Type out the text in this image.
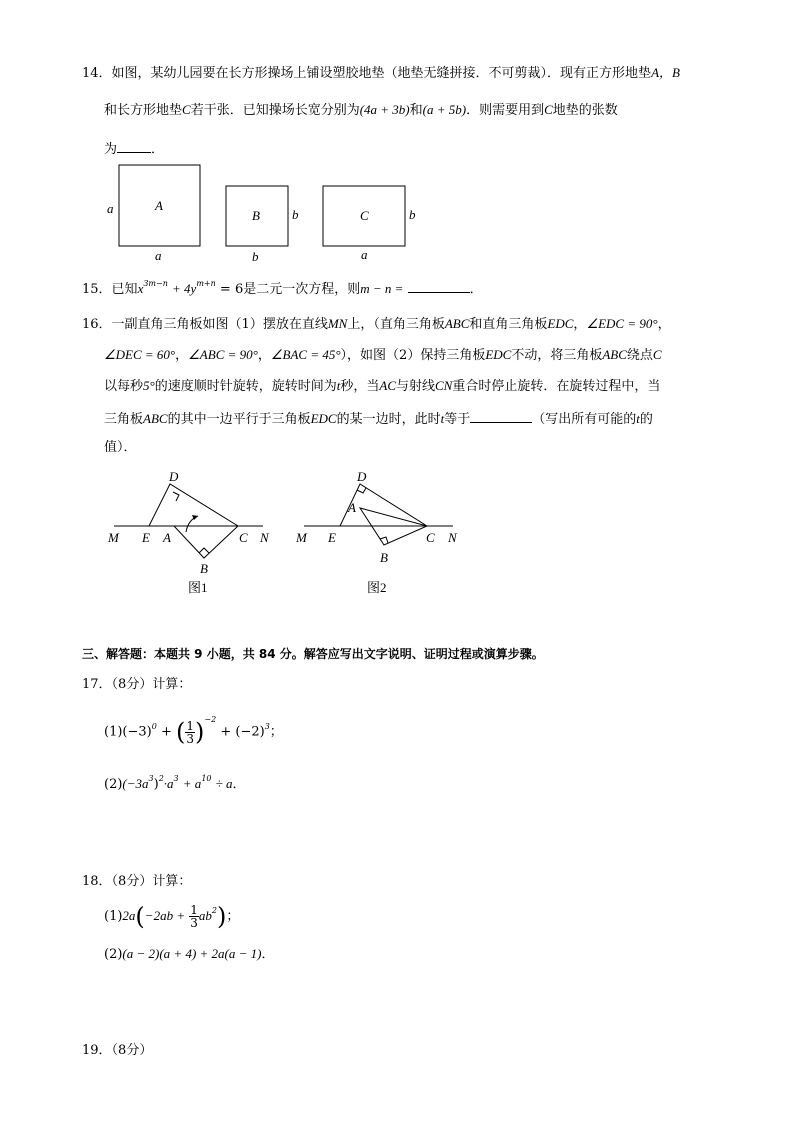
14．如图，某幼儿园要在长方形操场上铺设塑胶地垫（地垫无缝拼接．不可剪裁）．现有正方形地垫A，B
和长方形地垫C若干张．已知操场长宽分别为(4a + 3b)和(a + 5b)．则需要用到C地垫的张数
为	．
a	A
a
B b
b
C	b
a
15．已知$x^{3m-n} + 4y^{m+n} = 6$是二元一次方程，则m − n =	．
16．一副直角三角板如图（1）摆放在直线MN上，（直角三角板ABC和直角三角板EDC，∠EDC = 90°，
∠DEC = 60°，∠ABC = 90°，∠BAC = 45°），如图（2）保持三角板EDC不动，将三角板ABC绕点C
以每秒5°的速度顺时针旋转，旋转时间为t秒，当AC与射线CN重合时停止旋转．在旋转过程中，当
三角板ABC的其中一边平行于三角板EDC的某一边时，此时t等于	（写出所有可能的t的
值）．
M E A	C N
D
B
图1
M E
A
C N
D
B
图2
三、解答题：本题共 9 小题，共 84 分。解答应写出文字说明、证明过程或演算步骤。
17．（8分）计算：
$(1)(-3)^0$ + ( $\frac{1}{3} )^{-2} + (-2)^3$；
$(2)(-3a^3)^2\cdot a^3 + a^{10} \div a$．
18．（8分）计算：
$(1)2a(-2ab + \frac{1}{3} ab^2)$；
(2)(a − 2)(a + 4) + 2a(a − 1)．
19．（8分）
